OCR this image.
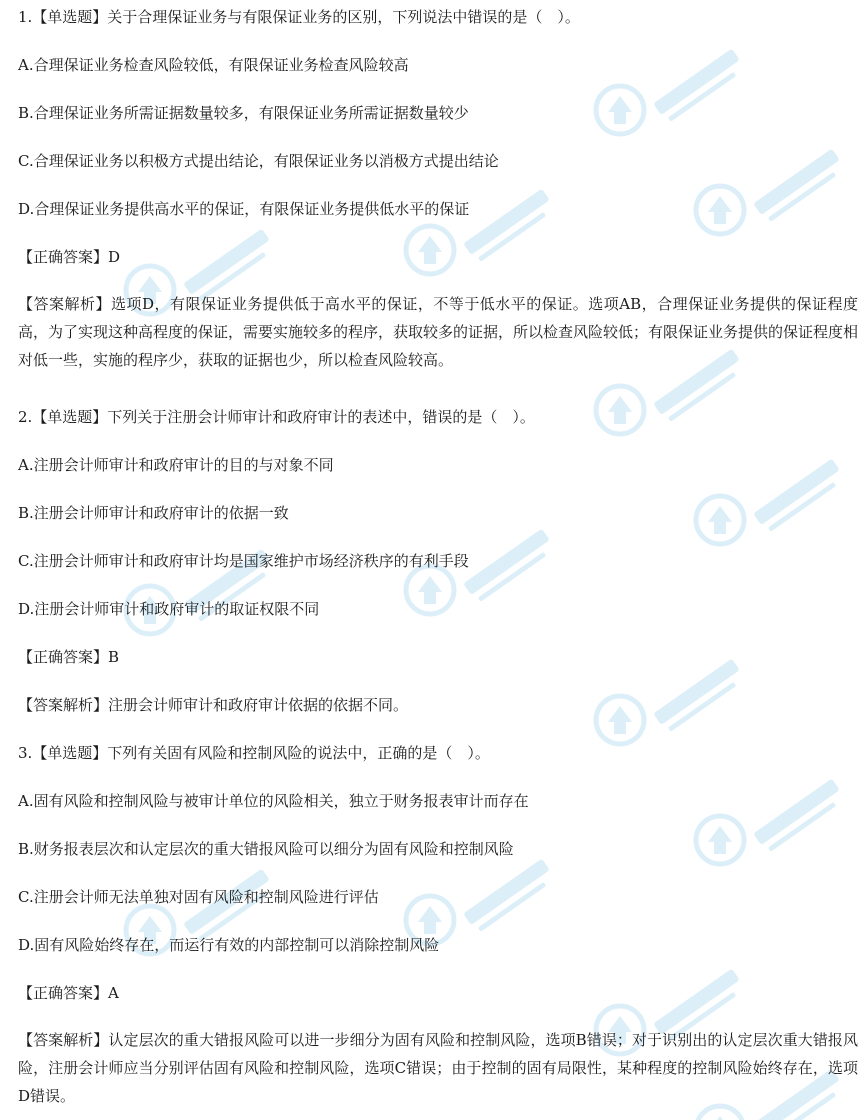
1.【单选题】关于合理保证业务与有限保证业务的区别，下列说法中错误的是（　）。
A.合理保证业务检查风险较低，有限保证业务检查风险较高
B.合理保证业务所需证据数量较多，有限保证业务所需证据数量较少
C.合理保证业务以积极方式提出结论，有限保证业务以消极方式提出结论
D.合理保证业务提供高水平的保证，有限保证业务提供低水平的保证
【正确答案】D
【答案解析】选项D，有限保证业务提供低于高水平的保证，不等于低水平的保证。选项AB，合理保证业务提供的保证程度高，为了实现这种高程度的保证，需要实施较多的程序，获取较多的证据，所以检查风险较低；有限保证业务提供的保证程度相对低一些，实施的程序少，获取的证据也少，所以检查风险较高。
2.【单选题】下列关于注册会计师审计和政府审计的表述中，错误的是（　）。
A.注册会计师审计和政府审计的目的与对象不同
B.注册会计师审计和政府审计的依据一致
C.注册会计师审计和政府审计均是国家维护市场经济秩序的有利手段
D.注册会计师审计和政府审计的取证权限不同
【正确答案】B
【答案解析】注册会计师审计和政府审计依据的依据不同。
3.【单选题】下列有关固有风险和控制风险的说法中，正确的是（　）。
A.固有风险和控制风险与被审计单位的风险相关，独立于财务报表审计而存在
B.财务报表层次和认定层次的重大错报风险可以细分为固有风险和控制风险
C.注册会计师无法单独对固有风险和控制风险进行评估
D.固有风险始终存在，而运行有效的内部控制可以消除控制风险
【正确答案】A
【答案解析】认定层次的重大错报风险可以进一步细分为固有风险和控制风险，选项B错误；对于识别出的认定层次重大错报风险，注册会计师应当分别评估固有风险和控制风险，选项C错误；由于控制的固有局限性，某种程度的控制风险始终存在，选项D错误。
